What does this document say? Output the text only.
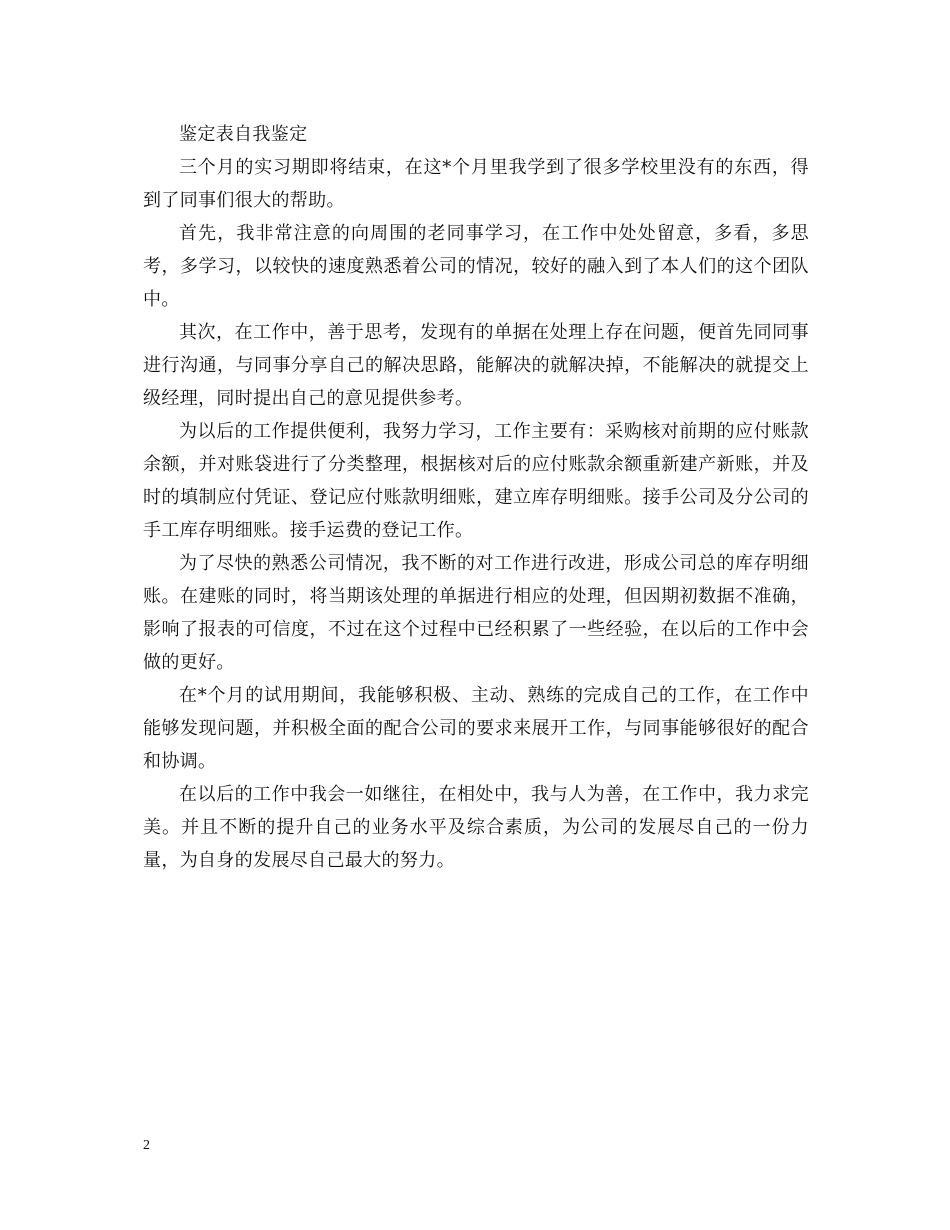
鉴定表自我鉴定

三个月的实习期即将结束，在这*个月里我学到了很多学校里没有的东西，得到了同事们很大的帮助。

首先，我非常注意的向周围的老同事学习，在工作中处处留意，多看，多思考，多学习，以较快的速度熟悉着公司的情况，较好的融入到了本人们的这个团队中。

其次，在工作中，善于思考，发现有的单据在处理上存在问题，便首先同同事进行沟通，与同事分享自己的解决思路，能解决的就解决掉，不能解决的就提交上级经理，同时提出自己的意见提供参考。

为以后的工作提供便利，我努力学习，工作主要有：采购核对前期的应付账款余额，并对账袋进行了分类整理，根据核对后的应付账款余额重新建产新账，并及时的填制应付凭证、登记应付账款明细账，建立库存明细账。接手公司及分公司的手工库存明细账。接手运费的登记工作。

为了尽快的熟悉公司情况，我不断的对工作进行改进，形成公司总的库存明细账。在建账的同时，将当期该处理的单据进行相应的处理，但因期初数据不准确，影响了报表的可信度，不过在这个过程中已经积累了一些经验，在以后的工作中会做的更好。

在*个月的试用期间，我能够积极、主动、熟练的完成自己的工作，在工作中能够发现问题，并积极全面的配合公司的要求来展开工作，与同事能够很好的配合和协调。

在以后的工作中我会一如继往，在相处中，我与人为善，在工作中，我力求完美。并且不断的提升自己的业务水平及综合素质，为公司的发展尽自己的一份力量，为自身的发展尽自己最大的努力。

2
